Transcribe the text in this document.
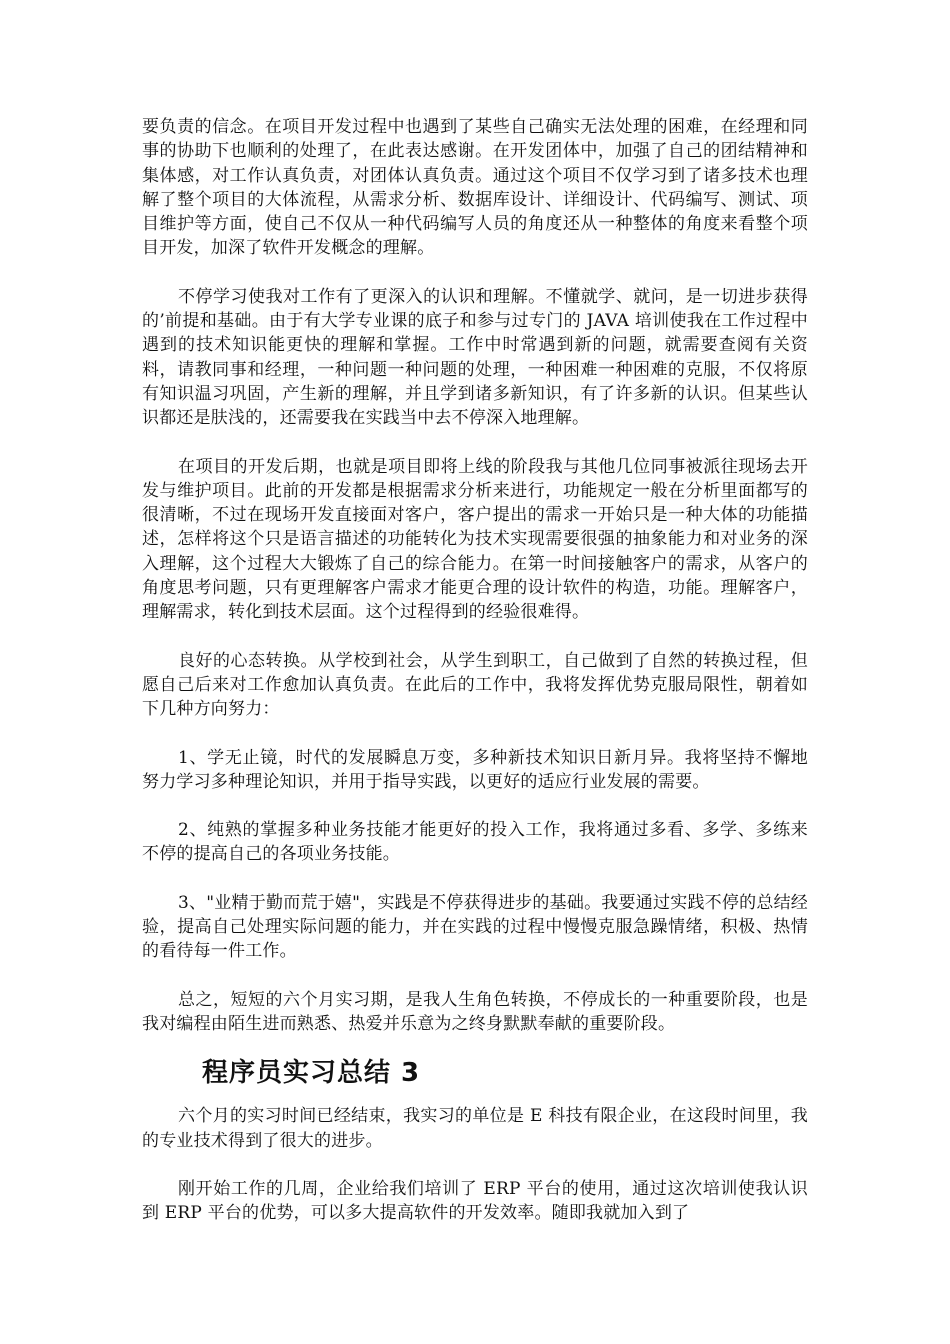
要负责的信念。在项目开发过程中也遇到了某些自己确实无法处理的困难，在经理和同事的协助下也顺利的处理了，在此表达感谢。在开发团体中，加强了自己的团结精神和集体感，对工作认真负责，对团体认真负责。通过这个项目不仅学习到了诸多技术也理解了整个项目的大体流程，从需求分析、数据库设计、详细设计、代码编写、测试、项目维护等方面，使自己不仅从一种代码编写人员的角度还从一种整体的角度来看整个项目开发，加深了软件开发概念的理解。

不停学习使我对工作有了更深入的认识和理解。不懂就学、就问，是一切进步获得的’前提和基础。由于有大学专业课的底子和参与过专门的 JAVA 培训使我在工作过程中遇到的技术知识能更快的理解和掌握。工作中时常遇到新的问题，就需要查阅有关资料，请教同事和经理，一种问题一种问题的处理，一种困难一种困难的克服，不仅将原有知识温习巩固，产生新的理解，并且学到诸多新知识，有了许多新的认识。但某些认识都还是肤浅的，还需要我在实践当中去不停深入地理解。

在项目的开发后期，也就是项目即将上线的阶段我与其他几位同事被派往现场去开发与维护项目。此前的开发都是根据需求分析来进行，功能规定一般在分析里面都写的很清晰，不过在现场开发直接面对客户，客户提出的需求一开始只是一种大体的功能描述，怎样将这个只是语言描述的功能转化为技术实现需要很强的抽象能力和对业务的深入理解，这个过程大大锻炼了自己的综合能力。在第一时间接触客户的需求，从客户的角度思考问题，只有更理解客户需求才能更合理的设计软件的构造，功能。理解客户，理解需求，转化到技术层面。这个过程得到的经验很难得。

良好的心态转换。从学校到社会，从学生到职工，自己做到了自然的转换过程，但愿自己后来对工作愈加认真负责。在此后的工作中，我将发挥优势克服局限性，朝着如下几种方向努力：

1、学无止镜，时代的发展瞬息万变，多种新技术知识日新月异。我将坚持不懈地努力学习多种理论知识，并用于指导实践，以更好的适应行业发展的需要。

2、纯熟的掌握多种业务技能才能更好的投入工作，我将通过多看、多学、多练来不停的提高自己的各项业务技能。

3、"业精于勤而荒于嬉"，实践是不停获得进步的基础。我要通过实践不停的总结经验，提高自己处理实际问题的能力，并在实践的过程中慢慢克服急躁情绪，积极、热情的看待每一件工作。

总之，短短的六个月实习期，是我人生角色转换，不停成长的一种重要阶段，也是我对编程由陌生进而熟悉、热爱并乐意为之终身默默奉献的重要阶段。

程序员实习总结 3

六个月的实习时间已经结束，我实习的单位是 E 科技有限企业，在这段时间里，我的专业技术得到了很大的进步。

刚开始工作的几周，企业给我们培训了 ERP 平台的使用，通过这次培训使我认识到 ERP 平台的优势，可以多大提高软件的开发效率。随即我就加入到了
